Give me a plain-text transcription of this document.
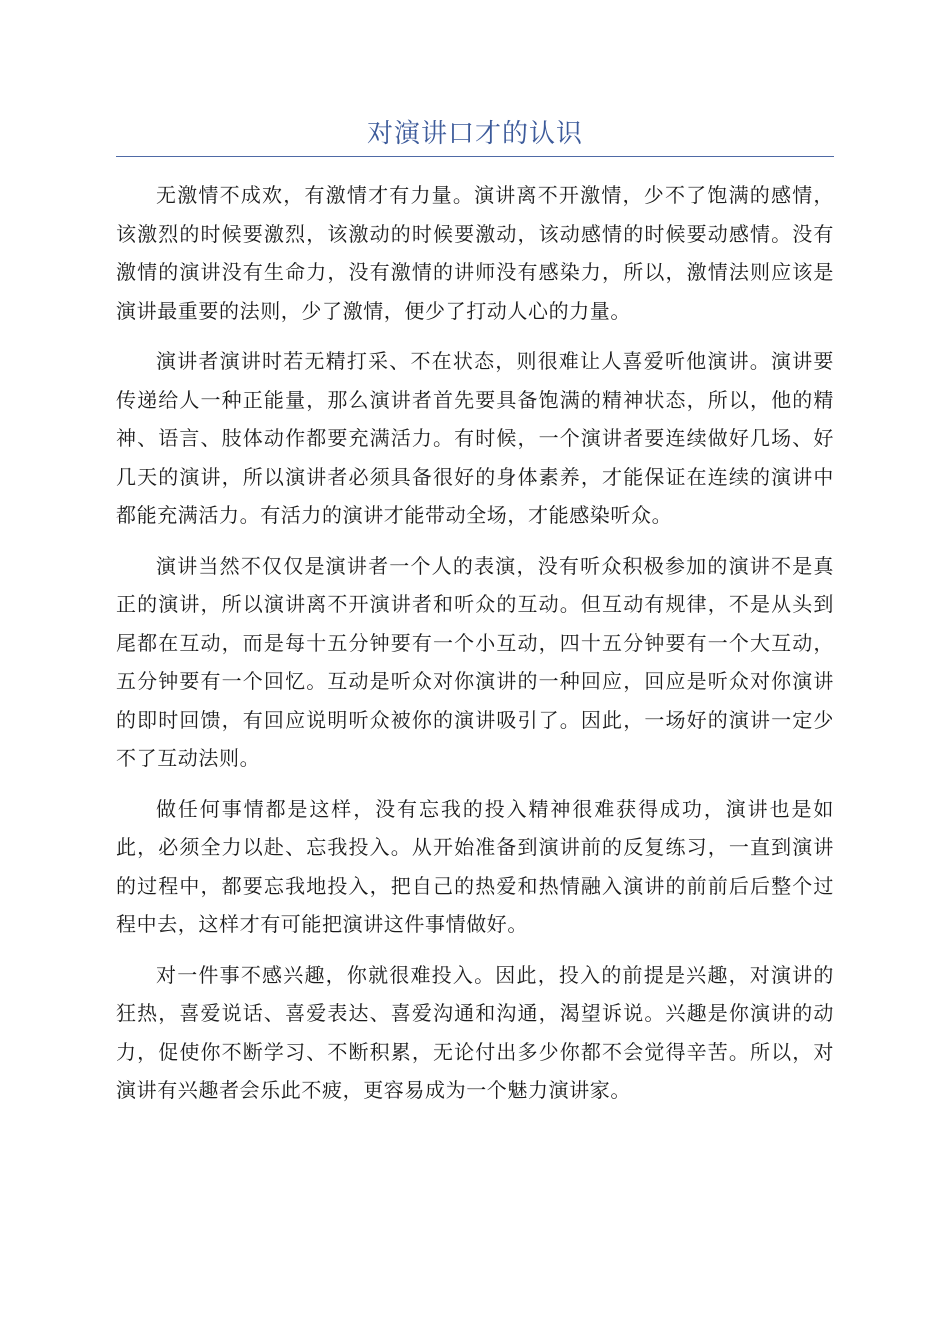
对演讲口才的认识

无激情不成欢，有激情才有力量。演讲离不开激情，少不了饱满的感情，该激烈的时候要激烈，该激动的时候要激动，该动感情的时候要动感情。没有激情的演讲没有生命力，没有激情的讲师没有感染力，所以，激情法则应该是演讲最重要的法则，少了激情，便少了打动人心的力量。

演讲者演讲时若无精打采、不在状态，则很难让人喜爱听他演讲。演讲要传递给人一种正能量，那么演讲者首先要具备饱满的精神状态，所以，他的精神、语言、肢体动作都要充满活力。有时候，一个演讲者要连续做好几场、好几天的演讲，所以演讲者必须具备很好的身体素养，才能保证在连续的演讲中都能充满活力。有活力的演讲才能带动全场，才能感染听众。

演讲当然不仅仅是演讲者一个人的表演，没有听众积极参加的演讲不是真正的演讲，所以演讲离不开演讲者和听众的互动。但互动有规律，不是从头到尾都在互动，而是每十五分钟要有一个小互动，四十五分钟要有一个大互动，五分钟要有一个回忆。互动是听众对你演讲的一种回应，回应是听众对你演讲的即时回馈，有回应说明听众被你的演讲吸引了。因此，一场好的演讲一定少不了互动法则。

做任何事情都是这样，没有忘我的投入精神很难获得成功，演讲也是如此，必须全力以赴、忘我投入。从开始准备到演讲前的反复练习，一直到演讲的过程中，都要忘我地投入，把自己的热爱和热情融入演讲的前前后后整个过程中去，这样才有可能把演讲这件事情做好。

对一件事不感兴趣，你就很难投入。因此，投入的前提是兴趣，对演讲的狂热，喜爱说话、喜爱表达、喜爱沟通和沟通，渴望诉说。兴趣是你演讲的动力，促使你不断学习、不断积累，无论付出多少你都不会觉得辛苦。所以，对演讲有兴趣者会乐此不疲，更容易成为一个魅力演讲家。
